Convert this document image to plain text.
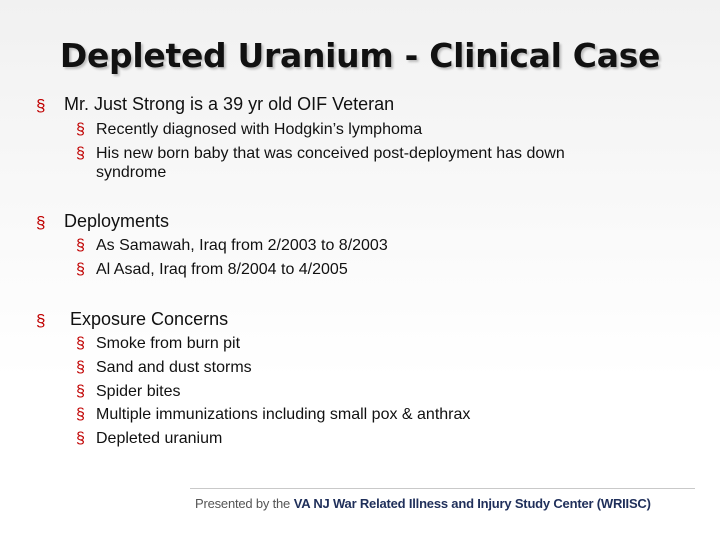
Depleted Uranium - Clinical Case
§ Mr. Just Strong is a 39 yr old OIF Veteran
§ Recently diagnosed with Hodgkin’s lymphoma
§ His new born baby that was conceived post-deployment has down
syndrome
§ Deployments
§ As Samawah, Iraq from 2/2003 to 8/2003
§ Al Asad, Iraq from 8/2004 to 4/2005
§ Exposure Concerns
§ Smoke from burn pit
§ Sand and dust storms
§ Spider bites
§ Multiple immunizations including small pox & anthrax
§ Depleted uranium
Presented by the VA NJ War Related Illness and Injury Study Center (WRIISC)
